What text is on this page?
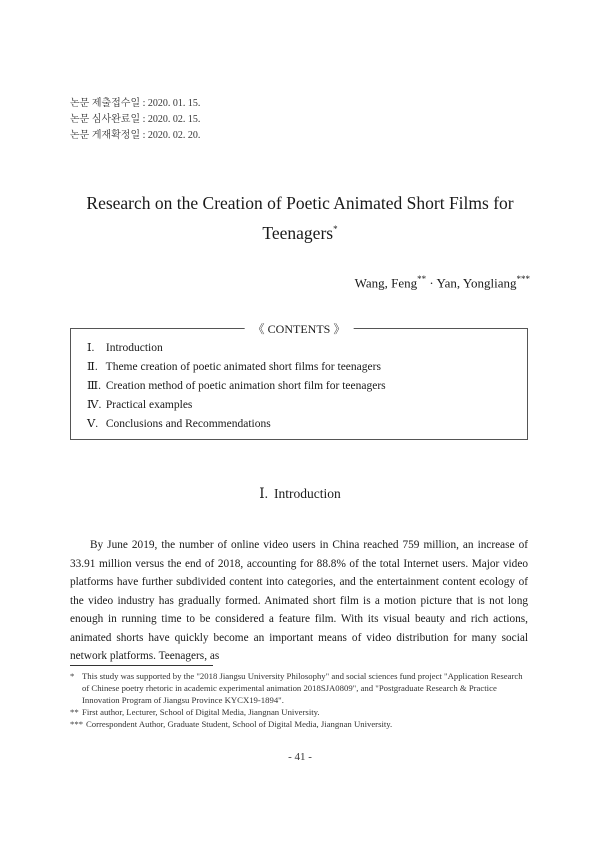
논문 제출접수일 : 2020. 01. 15.
논문 심사완료일 : 2020. 02. 15.
논문 게재확정일 : 2020. 02. 20.
Research on the Creation of Poetic Animated Short Films for
Teenagers*
Wang, Feng** · Yan, Yongliang***
《 CONTENTS 》
Ⅰ. Introduction
Ⅱ. Theme creation of poetic animated short films for teenagers
Ⅲ. Creation method of poetic animation short film for teenagers
Ⅳ. Practical examples
Ⅴ. Conclusions and Recommendations
Ⅰ. Introduction

By June 2019, the number of online video users in China reached 759 million, an increase of 33.91 million versus the end of 2018, accounting for 88.8% of the total Internet users. Major video platforms have further subdivided content into categories, and the entertainment content ecology of the video industry has gradually formed. Animated short film is a motion picture that is not long enough in running time to be considered a feature film. With its visual beauty and rich actions, animated shorts have quickly become an important means of video distribution for many social network platforms. Teenagers, as

* This study was supported by the "2018 Jiangsu University Philosophy" and social sciences fund project "Application Research of Chinese poetry rhetoric in academic experimental animation 2018SJA0809", and "Postgraduate Research & Practice Innovation Program of Jiangsu Province KYCX19-1894".
** First author, Lecturer, School of Digital Media, Jiangnan University.
*** Correspondent Author, Graduate Student, School of Digital Media, Jiangnan University.
- 41 -
